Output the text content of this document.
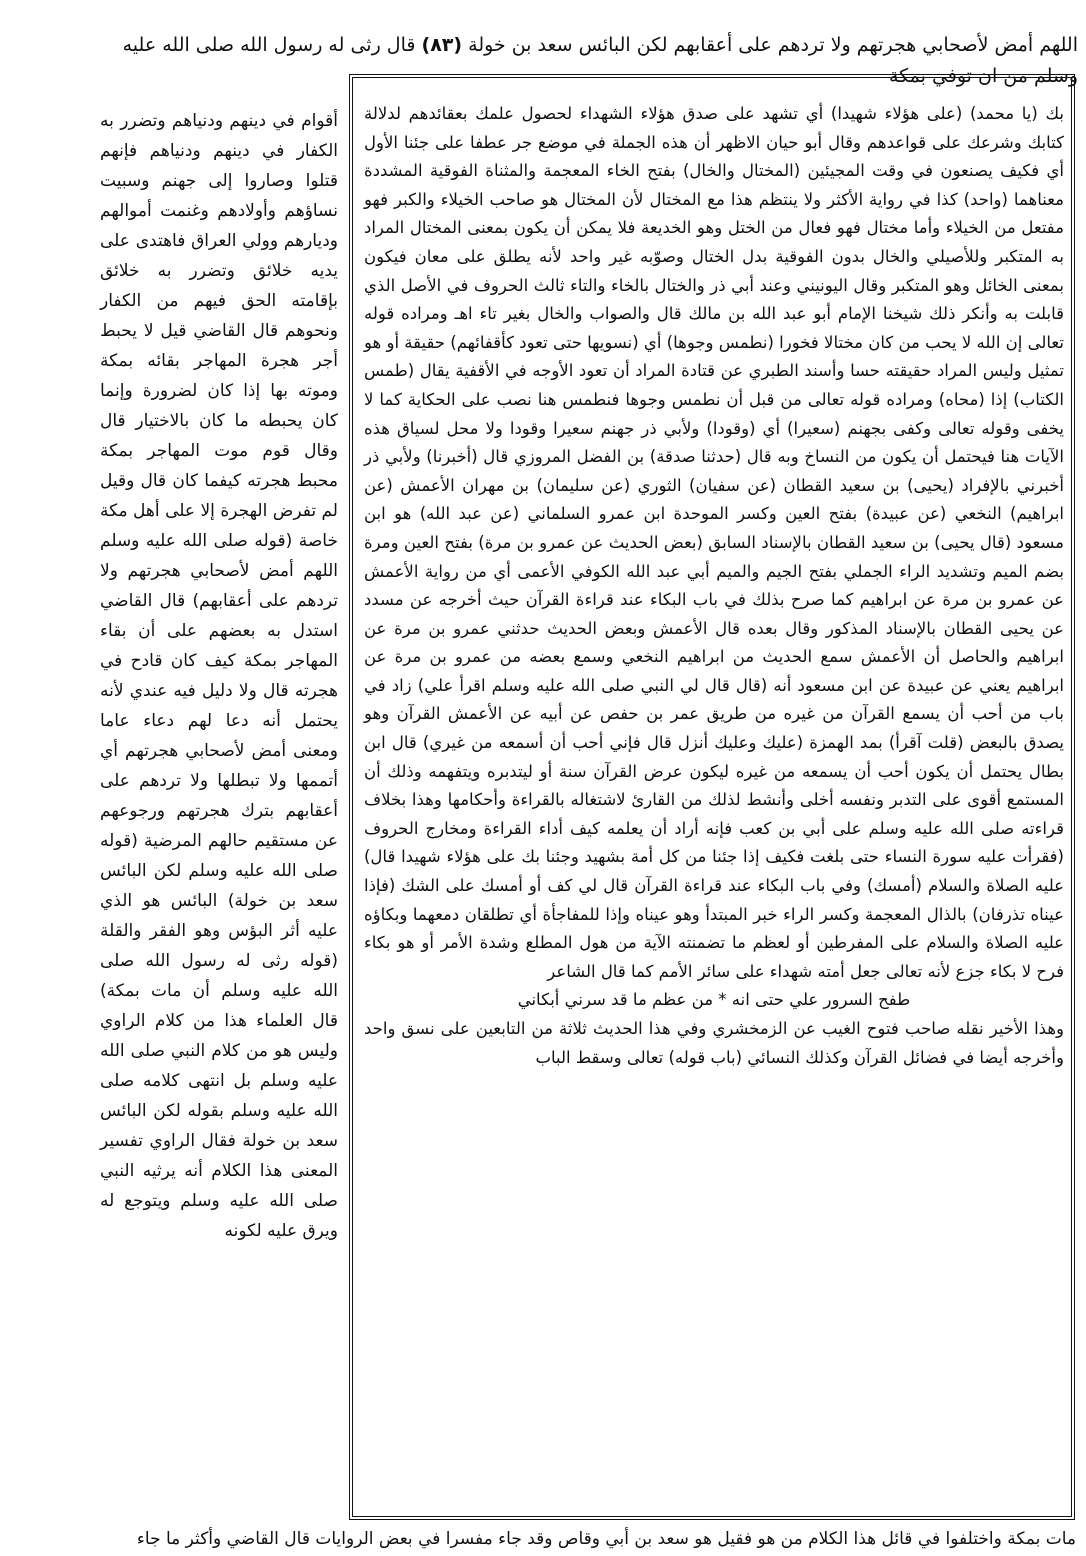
اللهم أمض لأصحابي هجرتهم ولا تردهم على أعقابهم لكن البائس سعد بن خولة (٨٣) قال رثى له رسول الله صلى الله عليه وسلم من ان توفي بمكة

بك (يا محمد) (على هؤلاء شهيدا) أي تشهد على صدق هؤلاء الشهداء لحصول علمك بعقائدهم لدلالة كتابك وشرعك على قواعدهم وقال أبو حيان الاظهر أن هذه الجملة في موضع جر عطفا على جئنا الأول أي فكيف يصنعون في وقت المجيئين (المختال والخال) بفتح الخاء المعجمة والمثناة الفوقية المشددة معناهما (واحد) كذا في رواية الأكثر ولا ينتظم هذا مع المختال لأن المختال هو صاحب الخيلاء والكبر فهو مفتعل من الخيلاء وأما مختال فهو فعال من الختل وهو الخديعة فلا يمكن أن يكون بمعنى المختال المراد به المتكبر وللأصيلي والخال بدون الفوقية بدل الختال وصوّبه غير واحد لأنه يطلق على معان فيكون بمعنى الخائل وهو المتكبر وقال اليونيني وعند أبي ذر والختال بالخاء والتاء ثالث الحروف في الأصل الذي قابلت به وأنكر ذلك شيخنا الإمام أبو عبد الله بن مالك قال والصواب والخال بغير تاء اهـ ومراده قوله تعالى إن الله لا يحب من كان مختالا فخورا (نطمس وجوها) أي (نسويها حتى تعود كأقفائهم) حقيقة أو هو تمثيل وليس المراد حقيقته حسا وأسند الطبري عن قتادة المراد أن تعود الأوجه في الأقفية يقال (طمس الكتاب) إذا (محاه) ومراده قوله تعالى من قبل أن نطمس وجوها فنطمس هنا نصب على الحكاية كما لا يخفى وقوله تعالى وكفى بجهنم (سعيرا) أي (وقودا) ولأبي ذر جهنم سعيرا وقودا ولا محل لسياق هذه الآيات هنا فيحتمل أن يكون من النساخ وبه قال (حدثنا صدقة) بن الفضل المروزي قال (أخبرنا) ولأبي ذر أخبرني بالإفراد (يحيى) بن سعيد القطان (عن سفيان) الثوري (عن سليمان) بن مهران الأعمش (عن ابراهيم) النخعي (عن عبيدة) بفتح العين وكسر الموحدة ابن عمرو السلماني (عن عبد الله) هو ابن مسعود (قال يحيى) بن سعيد القطان بالإسناد السابق (بعض الحديث عن عمرو بن مرة) بفتح العين ومرة بضم الميم وتشديد الراء الجملي بفتح الجيم والميم أبي عبد الله الكوفي الأعمى أي من رواية الأعمش عن عمرو بن مرة عن ابراهيم كما صرح بذلك في باب البكاء عند قراءة القرآن حيث أخرجه عن مسدد عن يحيى القطان بالإسناد المذكور وقال بعده قال الأعمش وبعض الحديث حدثني عمرو بن مرة عن ابراهيم والحاصل أن الأعمش سمع الحديث من ابراهيم النخعي وسمع بعضه من عمرو بن مرة عن ابراهيم يعني عن عبيدة عن ابن مسعود أنه (قال قال لي النبي صلى الله عليه وسلم اقرأ علي) زاد في باب من أحب أن يسمع القرآن من غيره من طريق عمر بن حفص عن أبيه عن الأعمش القرآن وهو يصدق بالبعض (قلت آقرأ) بمد الهمزة (عليك وعليك أنزل قال فإني أحب أن أسمعه من غيري) قال ابن بطال يحتمل أن يكون أحب أن يسمعه من غيره ليكون عرض القرآن سنة أو ليتدبره ويتفهمه وذلك أن المستمع أقوى على التدبر ونفسه أخلى وأنشط لذلك من القارئ لاشتغاله بالقراءة وأحكامها وهذا بخلاف قراءته صلى الله عليه وسلم على أبي بن كعب فإنه أراد أن يعلمه كيف أداء القراءة ومخارج الحروف (فقرأت عليه سورة النساء حتى بلغت فكيف إذا جئنا من كل أمة بشهيد وجئنا بك على هؤلاء شهيدا قال) عليه الصلاة والسلام (أمسك) وفي باب البكاء عند قراءة القرآن قال لي كف أو أمسك على الشك (فإذا عيناه تذرفان) بالذال المعجمة وكسر الراء خبر المبتدأ وهو عيناه وإذا للمفاجأة أي تطلقان دمعهما وبكاؤه عليه الصلاة والسلام على المفرطين أو لعظم ما تضمنته الآية من هول المطلع وشدة الأمر أو هو بكاء فرح لا بكاء جزع لأنه تعالى جعل أمته شهداء على سائر الأمم كما قال الشاعر

طفح السرور علي حتى انه * من عظم ما قد سرني أبكاني

وهذا الأخير نقله صاحب فتوح الغيب عن الزمخشري وفي هذا الحديث ثلاثة من التابعين على نسق واحد وأخرجه أيضا في فضائل القرآن وكذلك النسائي (باب قوله) تعالى وسقط الباب

أقوام في دينهم ودنياهم وتضرر به الكفار في دينهم ودنياهم فإنهم قتلوا وصاروا إلى جهنم وسبيت نساؤهم وأولادهم وغنمت أموالهم وديارهم وولي العراق فاهتدى على يديه خلائق وتضرر به خلائق بإقامته الحق فيهم من الكفار ونحوهم قال القاضي قيل لا يحبط أجر هجرة المهاجر بقائه بمكة وموته بها إذا كان لضرورة وإنما كان يحبطه ما كان بالاختيار قال وقال قوم موت المهاجر بمكة محبط هجرته كيفما كان قال وقيل لم تفرض الهجرة إلا على أهل مكة خاصة (قوله صلى الله عليه وسلم اللهم أمض لأصحابي هجرتهم ولا تردهم على أعقابهم) قال القاضي استدل به بعضهم على أن بقاء المهاجر بمكة كيف كان قادح في هجرته قال ولا دليل فيه عندي لأنه يحتمل أنه دعا لهم دعاء عاما ومعنى أمض لأصحابي هجرتهم أي أتممها ولا تبطلها ولا تردهم على أعقابهم بترك هجرتهم ورجوعهم عن مستقيم حالهم المرضية (قوله صلى الله عليه وسلم لكن البائس سعد بن خولة) البائس هو الذي عليه أثر البؤس وهو الفقر والقلة (قوله رثى له رسول الله صلى الله عليه وسلم أن مات بمكة) قال العلماء هذا من كلام الراوي وليس هو من كلام النبي صلى الله عليه وسلم بل انتهى كلامه صلى الله عليه وسلم بقوله لكن البائس سعد بن خولة فقال الراوي تفسير المعنى هذا الكلام أنه يرثيه النبي صلى الله عليه وسلم ويتوجع له ويرق عليه لكونه

مات بمكة واختلفوا في قائل هذا الكلام من هو فقيل هو سعد بن أبي وقاص وقد جاء مفسرا في بعض الروايات قال القاضي وأكثر ما جاء
